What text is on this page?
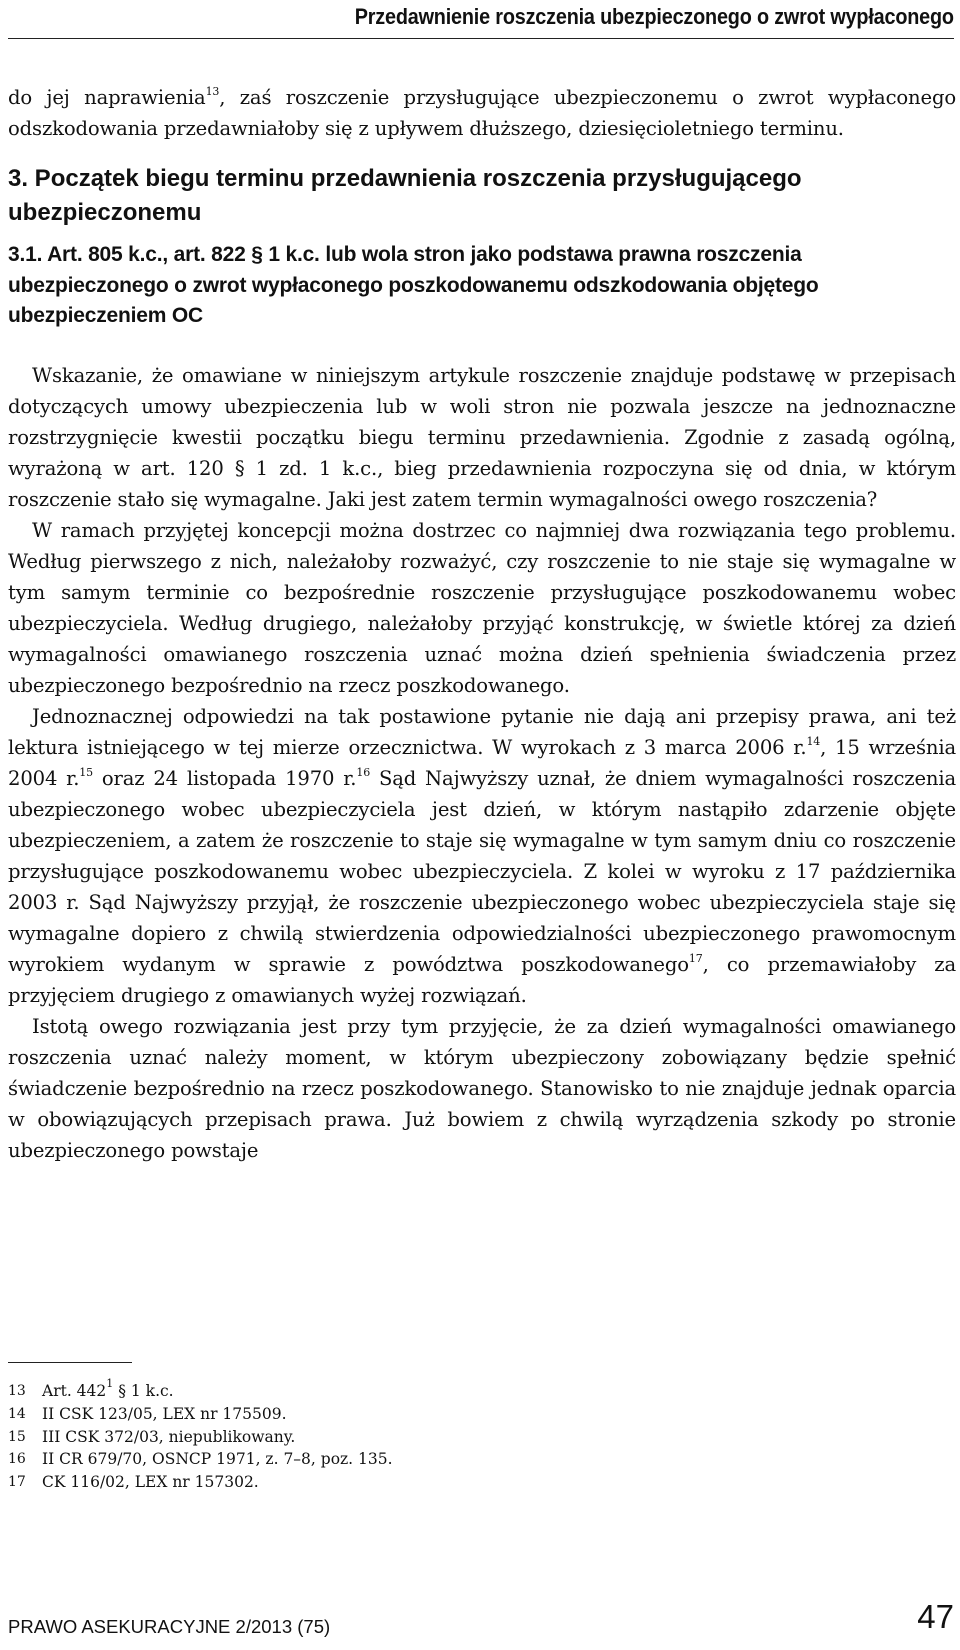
Przedawnienie roszczenia ubezpieczonego o zwrot wypłaconego

do jej naprawienia$^{13}$, zaś roszczenie przysługujące ubezpieczonemu o zwrot wypłaconego odszkodowania przedawniałoby się z upływem dłuższego, dziesięcioletniego terminu.

3. Początek biegu terminu przedawnienia roszczenia przysługującego ubezpieczonemu
3.1. Art. 805 k.c., art. 822 § 1 k.c. lub wola stron jako podstawa prawna roszczenia ubezpieczonego o zwrot wypłaconego poszkodowanemu odszkodowania objętego ubezpieczeniem OC

Wskazanie, że omawiane w niniejszym artykule roszczenie znajduje podstawę w przepisach dotyczących umowy ubezpieczenia lub w woli stron nie pozwala jeszcze na jednoznaczne rozstrzygnięcie kwestii początku biegu terminu przedawnienia. Zgodnie z zasadą ogólną, wyrażoną w art. 120 § 1 zd. 1 k.c., bieg przedawnienia rozpoczyna się od dnia, w którym roszczenie stało się wymagalne. Jaki jest zatem termin wymagalności owego roszczenia?

W ramach przyjętej koncepcji można dostrzec co najmniej dwa rozwiązania tego problemu. Według pierwszego z nich, należałoby rozważyć, czy roszczenie to nie staje się wymagalne w tym samym terminie co bezpośrednie roszczenie przysługujące poszkodowanemu wobec ubezpieczyciela. Według drugiego, należałoby przyjąć konstrukcję, w świetle której za dzień wymagalności omawianego roszczenia uznać można dzień spełnienia świadczenia przez ubezpieczonego bezpośrednio na rzecz poszkodowanego.

Jednoznacznej odpowiedzi na tak postawione pytanie nie dają ani przepisy prawa, ani też lektura istniejącego w tej mierze orzecznictwa. W wyrokach z 3 marca 2006 r.$^{14}$, 15 września 2004 r.$^{15}$ oraz 24 listopada 1970 r.$^{16}$ Sąd Najwyższy uznał, że dniem wymagalności roszczenia ubezpieczonego wobec ubezpieczyciela jest dzień, w którym nastąpiło zdarzenie objęte ubezpieczeniem, a zatem że roszczenie to staje się wymagalne w tym samym dniu co roszczenie przysługujące poszkodowanemu wobec ubezpieczyciela. Z kolei w wyroku z 17 października 2003 r. Sąd Najwyższy przyjął, że roszczenie ubezpieczonego wobec ubezpieczyciela staje się wymagalne dopiero z chwilą stwierdzenia odpowiedzialności ubezpieczonego prawomocnym wyrokiem wydanym w sprawie z powództwa poszkodowanego$^{17}$, co przemawiałoby za przyjęciem drugiego z omawianych wyżej rozwiązań.

Istotą owego rozwiązania jest przy tym przyjęcie, że za dzień wymagalności omawianego roszczenia uznać należy moment, w którym ubezpieczony zobowiązany będzie spełnić świadczenie bezpośrednio na rzecz poszkodowanego. Stanowisko to nie znajduje jednak oparcia w obowiązujących przepisach prawa. Już bowiem z chwilą wyrządzenia szkody po stronie ubezpieczonego powstaje

13	Art. $442^1$ § 1 k.c.
14	II CSK 123/05, LEX nr 175509.
15	III CSK 372/03, niepublikowany.
16	II CR 679/70, OSNCP 1971, z. 7–8, poz. 135.
17	CK 116/02, LEX nr 157302.
PRAWO ASEKURACYJNE 2/2013 (75)	47
